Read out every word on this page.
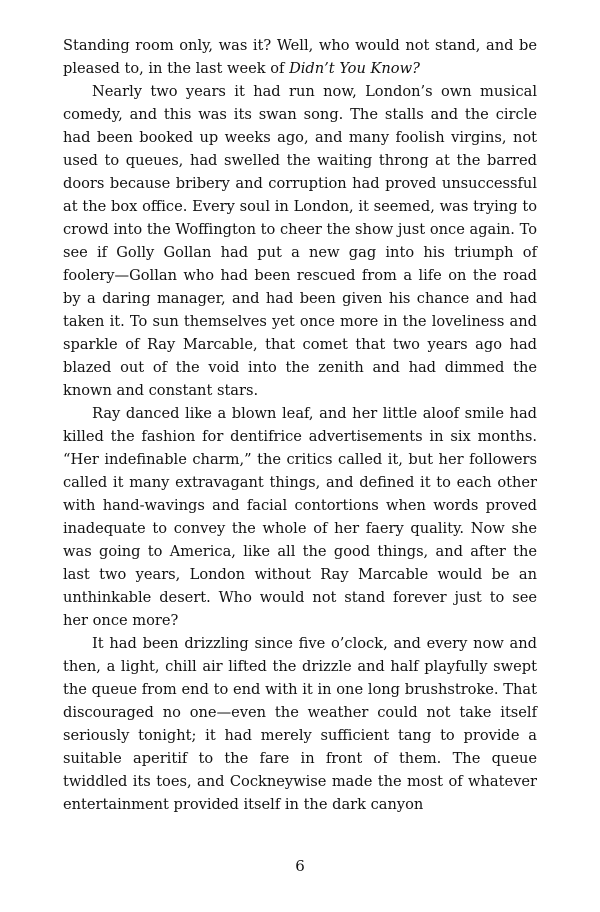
Standing room only, was it? Well, who would not stand, and be pleased to, in the last week of Didn’t You Know?

Nearly two years it had run now, London’s own musical comedy, and this was its swan song. The stalls and the circle had been booked up weeks ago, and many foolish virgins, not used to queues, had swelled the waiting throng at the barred doors because bribery and corruption had proved unsuccessful at the box office. Every soul in London, it seemed, was trying to crowd into the Woffington to cheer the show just once again. To see if Golly Gollan had put a new gag into his triumph of foolery—Gollan who had been rescued from a life on the road by a daring manager, and had been given his chance and had taken it. To sun themselves yet once more in the loveliness and sparkle of Ray Marcable, that comet that two years ago had blazed out of the void into the zenith and had dimmed the known and constant stars.

Ray danced like a blown leaf, and her little aloof smile had killed the fashion for dentifrice advertisements in six months. “Her indefinable charm,” the critics called it, but her followers called it many extravagant things, and defined it to each other with hand-wavings and facial contortions when words proved inadequate to convey the whole of her faery quality. Now she was going to America, like all the good things, and after the last two years, London without Ray Marcable would be an unthinkable desert. Who would not stand forever just to see her once more?

It had been drizzling since five o’clock, and every now and then, a light, chill air lifted the drizzle and half playfully swept the queue from end to end with it in one long brushstroke. That discouraged no one—even the weather could not take itself seriously tonight; it had merely sufficient tang to provide a suitable aperitif to the fare in front of them. The queue twiddled its toes, and Cockneywise made the most of whatever entertainment provided itself in the dark canyon

6
